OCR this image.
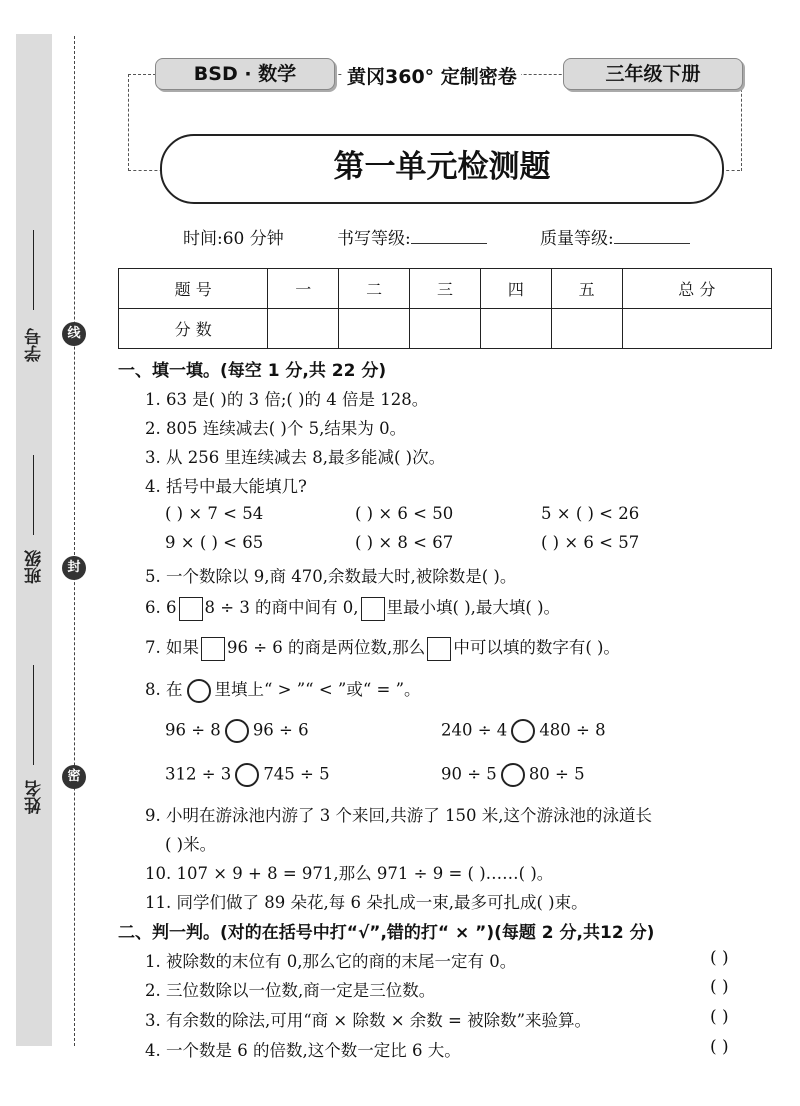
学号
班级
姓名
线
封
密
BSD · 数学	黄冈360° 定制密卷	三年级下册
第一单元检测题
时间:60 分钟	书写等级:	质量等级:
题 号	一	二	三	四	五	总 分
分 数						
一、填一填。(每空 1 分,共 22 分)
1. 63 是( )的 3 倍;( )的 4 倍是 128。
2. 805 连续减去( )个 5,结果为 0。
3. 从 256 里连续减去 8,最多能减( )次。
4. 括号中最大能填几?
( ) × 7 < 54	( ) × 6 < 50	5 × ( ) < 26
9 × ( ) < 65	( ) × 8 < 67	( ) × 6 < 57
5. 一个数除以 9,商 470,余数最大时,被除数是( )。
6. 6 8 ÷ 3 的商中间有 0, 里最小填( ),最大填( )。
7. 如果 96 ÷ 6 的商是两位数,那么 中可以填的数字有( )。
8. 在 里填上“ > ”“ < ”或“ = ”。
96 ÷ 8 96 ÷ 6	240 ÷ 4 480 ÷ 8
312 ÷ 3 745 ÷ 5	90 ÷ 5 80 ÷ 5
9. 小明在游泳池内游了 3 个来回,共游了 150 米,这个游泳池的泳道长
( )米。
10. 107 × 9 + 8 = 971,那么 971 ÷ 9 = ( )……( )。
11. 同学们做了 89 朵花,每 6 朵扎成一束,最多可扎成( )束。
二、判一判。(对的在括号中打“√”,错的打“ × ”)(每题 2 分,共12 分)
1. 被除数的末位有 0,那么它的商的末尾一定有 0。	( )
2. 三位数除以一位数,商一定是三位数。	( )
3. 有余数的除法,可用“商 × 除数 × 余数 = 被除数”来验算。	( )
4. 一个数是 6 的倍数,这个数一定比 6 大。	( )
